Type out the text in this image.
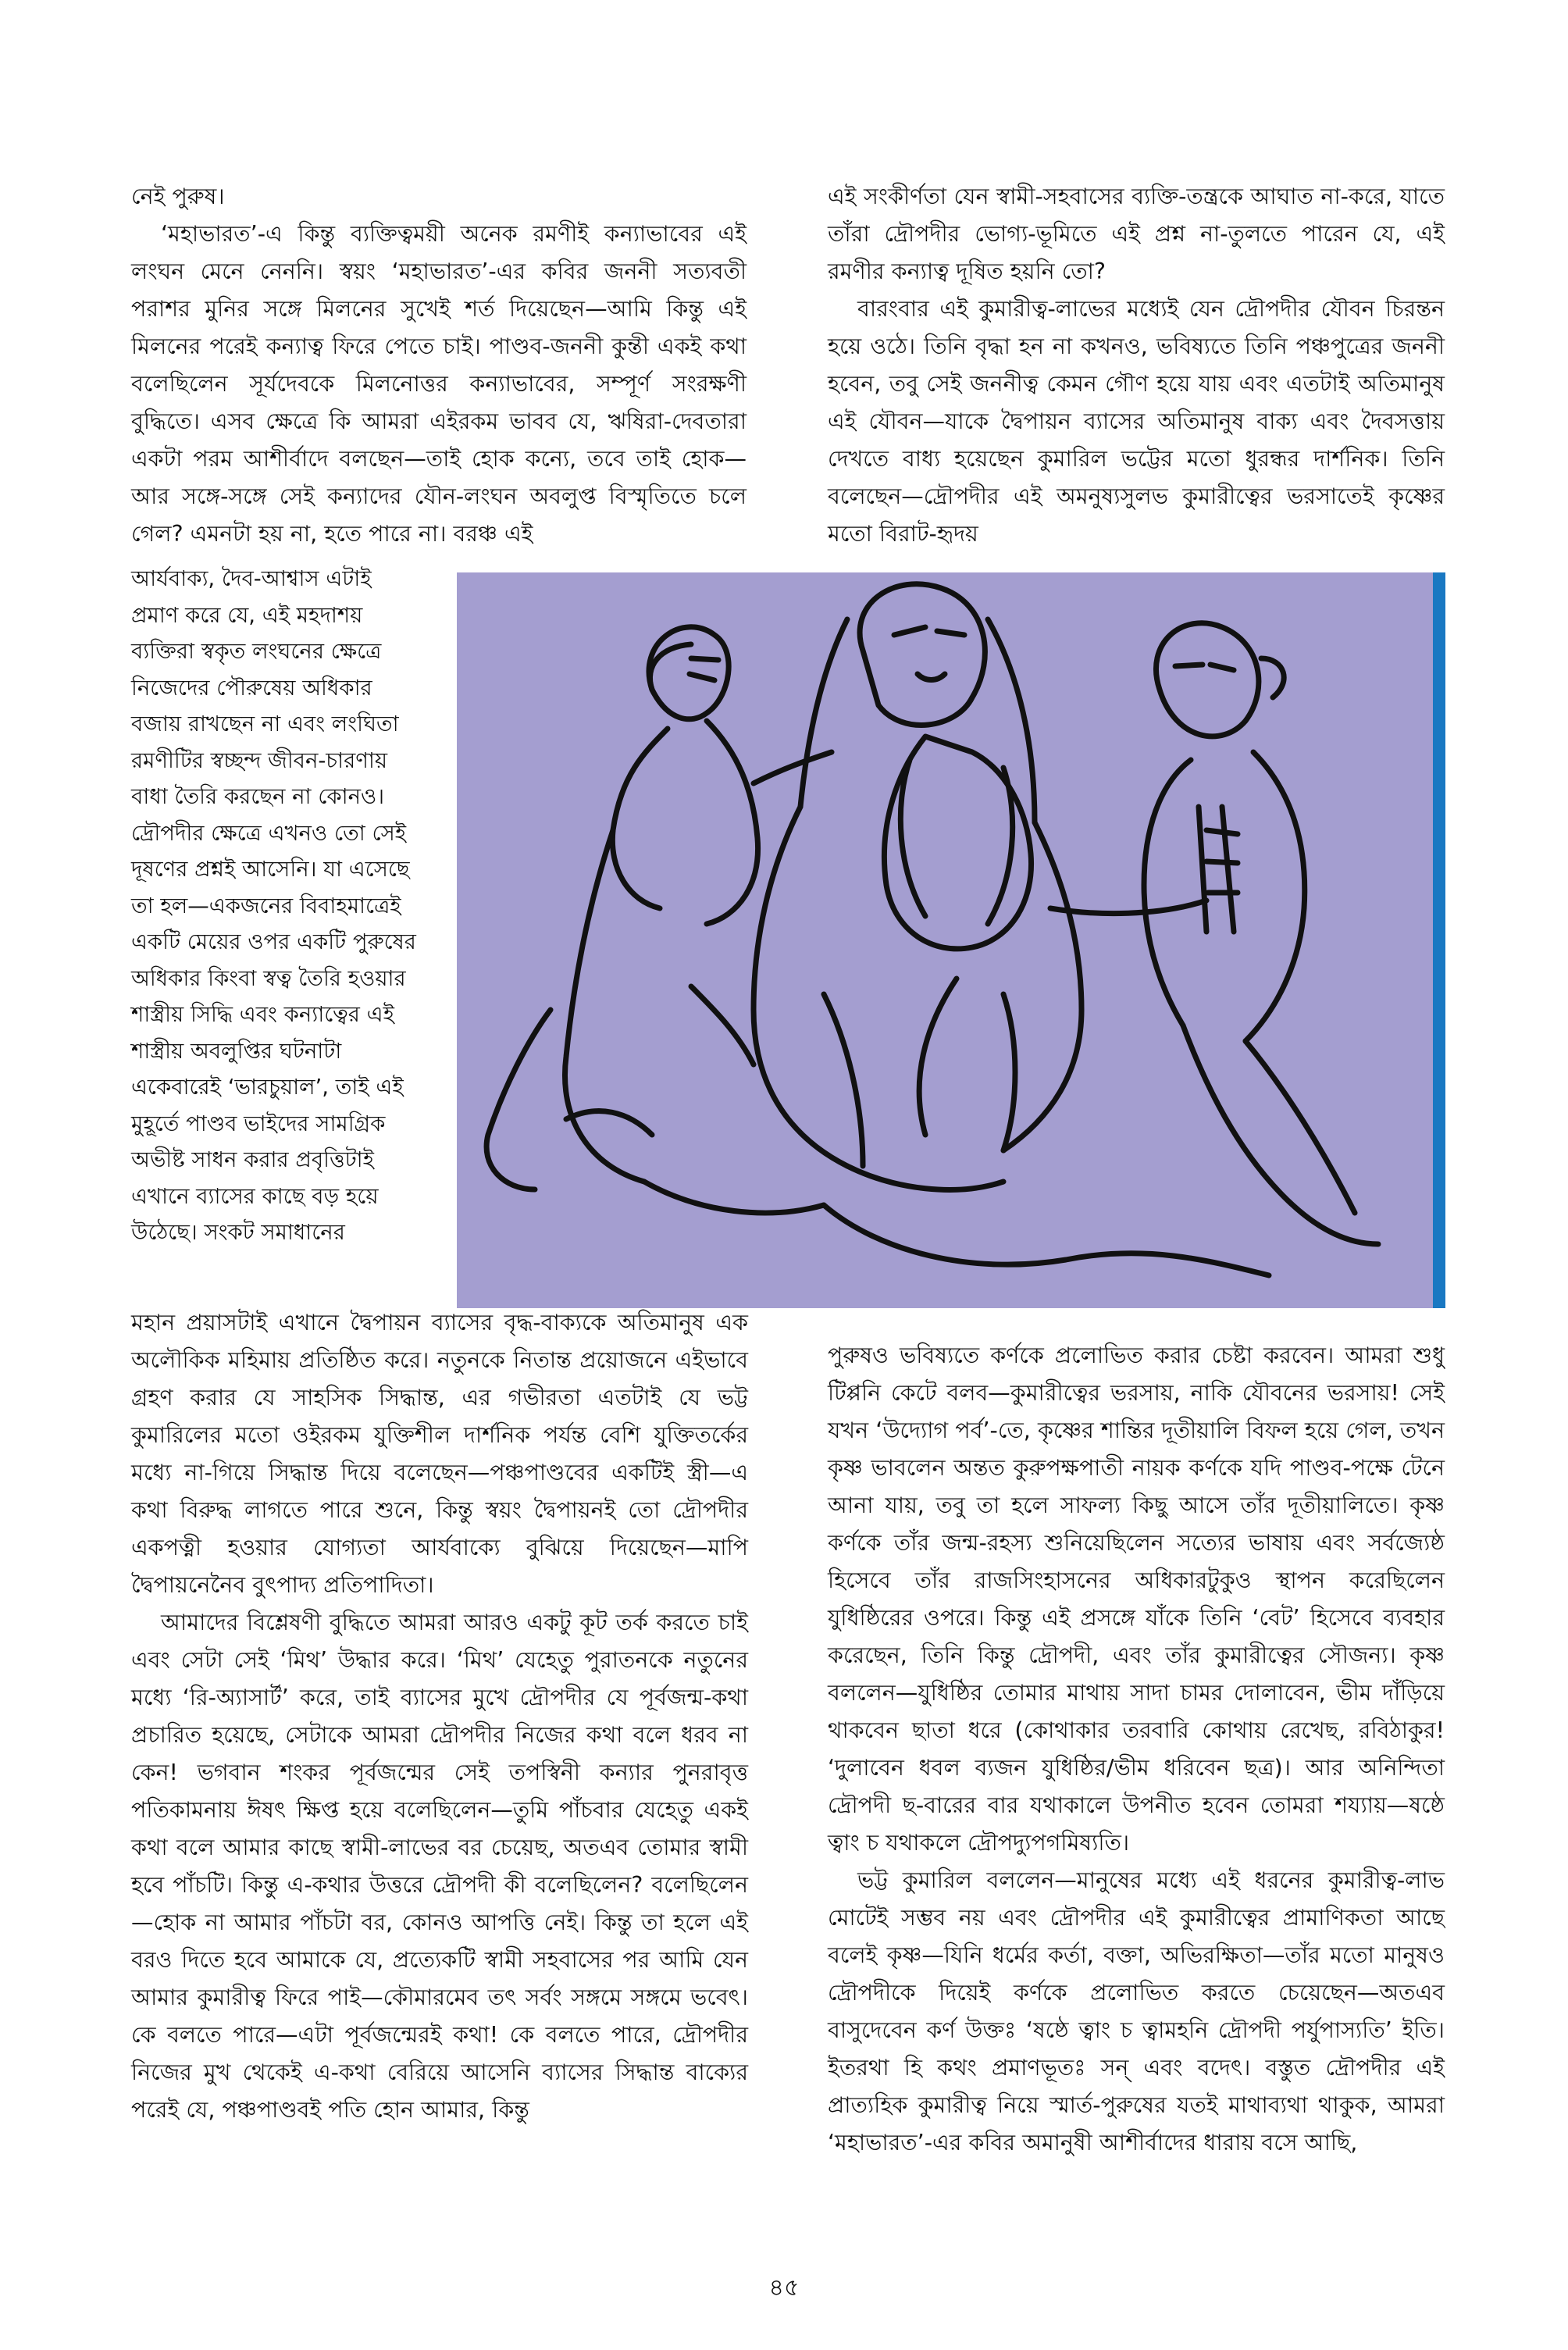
নেই পুরুষ।

‘মহাভারত’-এ কিন্তু ব্যক্তিত্বময়ী অনেক রমণীই কন্যাভাবের এই লংঘন মেনে নেননি। স্বয়ং ‘মহাভারত’-এর কবির জননী সত্যবতী পরাশর মুনির সঙ্গে মিলনের সুখেই শর্ত দিয়েছেন—আমি কিন্তু এই মিলনের পরেই কন্যাত্ব ফিরে পেতে চাই। পাণ্ডব-জননী কুন্তী একই কথা বলেছিলেন সূর্যদেবকে মিলনোত্তর কন্যাভাবের, সম্পূর্ণ সংরক্ষণী বুদ্ধিতে। এসব ক্ষেত্রে কি আমরা এইরকম ভাবব যে, ঋষিরা-দেবতারা একটা পরম আশীর্বাদে বলছেন—তাই হোক কন্যে, তবে তাই হোক—আর সঙ্গে-সঙ্গে সেই কন্যাদের যৌন-লংঘন অবলুপ্ত বিস্মৃতিতে চলে গেল? এমনটা হয় না, হতে পারে না। বরঞ্চ এই

আর্যবাক্য, দৈব-আশ্বাস এটাই প্রমাণ করে যে, এই মহদাশয় ব্যক্তিরা স্বকৃত লংঘনের ক্ষেত্রে নিজেদের পৌরুষেয় অধিকার বজায় রাখছেন না এবং লংঘিতা রমণীটির স্বচ্ছন্দ জীবন-চারণায় বাধা তৈরি করছেন না কোনও। দ্রৌপদীর ক্ষেত্রে এখনও তো সেই দূষণের প্রশ্নই আসেনি। যা এসেছে তা হল—একজনের বিবাহমাত্রেই একটি মেয়ের ওপর একটি পুরুষের অধিকার কিংবা স্বত্ব তৈরি হওয়ার শাস্ত্রীয় সিদ্ধি এবং কন্যাত্বের এই শাস্ত্রীয় অবলুপ্তির ঘটনাটা একেবারেই ‘ভারচুয়াল’, তাই এই মুহূর্তে পাণ্ডব ভাইদের সামগ্রিক অভীষ্ট সাধন করার প্রবৃত্তিটাই এখানে ব্যাসের কাছে বড় হয়ে উঠেছে। সংকট সমাধানের

এই সংকীর্ণতা যেন স্বামী-সহবাসের ব্যক্তি-তন্ত্রকে আঘাত না-করে, যাতে তাঁরা দ্রৌপদীর ভোগ্য-ভূমিতে এই প্রশ্ন না-তুলতে পারেন যে, এই রমণীর কন্যাত্ব দূষিত হয়নি তো?

বারংবার এই কুমারীত্ব-লাভের মধ্যেই যেন দ্রৌপদীর যৌবন চিরন্তন হয়ে ওঠে। তিনি বৃদ্ধা হন না কখনও, ভবিষ্যতে তিনি পঞ্চপুত্রের জননী হবেন, তবু সেই জননীত্ব কেমন গৌণ হয়ে যায় এবং এতটাই অতিমানুষ এই যৌবন—যাকে দ্বৈপায়ন ব্যাসের অতিমানুষ বাক্য এবং দৈবসত্তায় দেখতে বাধ্য হয়েছেন কুমারিল ভট্টের মতো ধুরন্ধর দার্শনিক। তিনি বলেছেন—দ্রৌপদীর এই অমনুষ্যসুলভ কুমারীত্বের ভরসাতেই কৃষ্ণের মতো বিরাট-হৃদয়

মহান প্রয়াসটাই এখানে দ্বৈপায়ন ব্যাসের বৃদ্ধ-বাক্যকে অতিমানুষ এক অলৌকিক মহিমায় প্রতিষ্ঠিত করে। নতুনকে নিতান্ত প্রয়োজনে এইভাবে গ্রহণ করার যে সাহসিক সিদ্ধান্ত, এর গভীরতা এতটাই যে ভট্ট কুমারিলের মতো ওইরকম যুক্তিশীল দার্শনিক পর্যন্ত বেশি যুক্তিতর্কের মধ্যে না-গিয়ে সিদ্ধান্ত দিয়ে বলেছেন—পঞ্চপাণ্ডবের একটিই স্ত্রী—এ কথা বিরুদ্ধ লাগতে পারে শুনে, কিন্তু স্বয়ং দ্বৈপায়নই তো দ্রৌপদীর একপত্নী হওয়ার যোগ্যতা আর্যবাক্যে বুঝিয়ে দিয়েছেন—মাপি দ্বৈপায়নেনৈব বুৎপাদ্য প্রতিপাদিতা।

আমাদের বিশ্লেষণী বুদ্ধিতে আমরা আরও একটু কূট তর্ক করতে চাই এবং সেটা সেই ‘মিথ’ উদ্ধার করে। ‘মিথ’ যেহেতু পুরাতনকে নতুনের মধ্যে ‘রি-অ্যাসার্ট’ করে, তাই ব্যাসের মুখে দ্রৌপদীর যে পূর্বজন্ম-কথা প্রচারিত হয়েছে, সেটাকে আমরা দ্রৌপদীর নিজের কথা বলে ধরব না কেন! ভগবান শংকর পূর্বজন্মের সেই তপস্বিনী কন্যার পুনরাবৃত্ত পতিকামনায় ঈষৎ ক্ষিপ্ত হয়ে বলেছিলেন—তুমি পাঁচবার যেহেতু একই কথা বলে আমার কাছে স্বামী-লাভের বর চেয়েছ, অতএব তোমার স্বামী হবে পাঁচটি। কিন্তু এ-কথার উত্তরে দ্রৌপদী কী বলেছিলেন? বলেছিলেন—হোক না আমার পাঁচটা বর, কোনও আপত্তি নেই। কিন্তু তা হলে এই বরও দিতে হবে আমাকে যে, প্রত্যেকটি স্বামী সহবাসের পর আমি যেন আমার কুমারীত্ব ফিরে পাই—কৌমারমেব তৎ সর্বং সঙ্গমে সঙ্গমে ভবেৎ। কে বলতে পারে—এটা পূর্বজন্মেরই কথা! কে বলতে পারে, দ্রৌপদীর নিজের মুখ থেকেই এ-কথা বেরিয়ে আসেনি ব্যাসের সিদ্ধান্ত বাক্যের পরেই যে, পঞ্চপাণ্ডবই পতি হোন আমার, কিন্তু

পুরুষও ভবিষ্যতে কর্ণকে প্রলোভিত করার চেষ্টা করবেন। আমরা শুধু টিপ্পনি কেটে বলব—কুমারীত্বের ভরসায়, নাকি যৌবনের ভরসায়! সেই যখন ‘উদ্যোগ পর্ব’-তে, কৃষ্ণের শান্তির দূতীয়ালি বিফল হয়ে গেল, তখন কৃষ্ণ ভাবলেন অন্তত কুরুপক্ষপাতী নায়ক কর্ণকে যদি পাণ্ডব-পক্ষে টেনে আনা যায়, তবু তা হলে সাফল্য কিছু আসে তাঁর দূতীয়ালিতে। কৃষ্ণ কর্ণকে তাঁর জন্ম-রহস্য শুনিয়েছিলেন সত্যের ভাষায় এবং সর্বজ্যেষ্ঠ হিসেবে তাঁর রাজসিংহাসনের অধিকারটুকুও স্থাপন করেছিলেন যুধিষ্ঠিরের ওপরে। কিন্তু এই প্রসঙ্গে যাঁকে তিনি ‘বেট’ হিসেবে ব্যবহার করেছেন, তিনি কিন্তু দ্রৌপদী, এবং তাঁর কুমারীত্বের সৌজন্য। কৃষ্ণ বললেন—যুধিষ্ঠির তোমার মাথায় সাদা চামর দোলাবেন, ভীম দাঁড়িয়ে থাকবেন ছাতা ধরে (কোথাকার তরবারি কোথায় রেখেছ, রবিঠাকুর! ‘দুলাবেন ধবল ব্যজন যুধিষ্ঠির/ভীম ধরিবেন ছত্র)। আর অনিন্দিতা দ্রৌপদী ছ-বারের বার যথাকালে উপনীত হবেন তোমরা শয্যায়—ষষ্ঠে ত্বাং চ যথাকলে দ্রৌপদ্যুপগমিষ্যতি।

ভট্ট কুমারিল বললেন—মানুষের মধ্যে এই ধরনের কুমারীত্ব-লাভ মোটেই সম্ভব নয় এবং দ্রৌপদীর এই কুমারীত্বের প্রামাণিকতা আছে বলেই কৃষ্ণ—যিনি ধর্মের কর্তা, বক্তা, অভিরক্ষিতা—তাঁর মতো মানুষও দ্রৌপদীকে দিয়েই কর্ণকে প্রলোভিত করতে চেয়েছেন—অতএব বাসুদেবেন কর্ণ উক্তঃ ‘ষষ্ঠে ত্বাং চ ত্বামহনি দ্রৌপদী পর্যুপাস্যতি’ ইতি। ইতরথা হি কথং প্রমাণভূতঃ সন্ এবং বদেৎ। বস্তুত দ্রৌপদীর এই প্রাত্যহিক কুমারীত্ব নিয়ে স্মার্ত-পুরুষের যতই মাথাব্যথা থাকুক, আমরা ‘মহাভারত’-এর কবির অমানুষী আশীর্বাদের ধারায় বসে আছি,

৪৫
